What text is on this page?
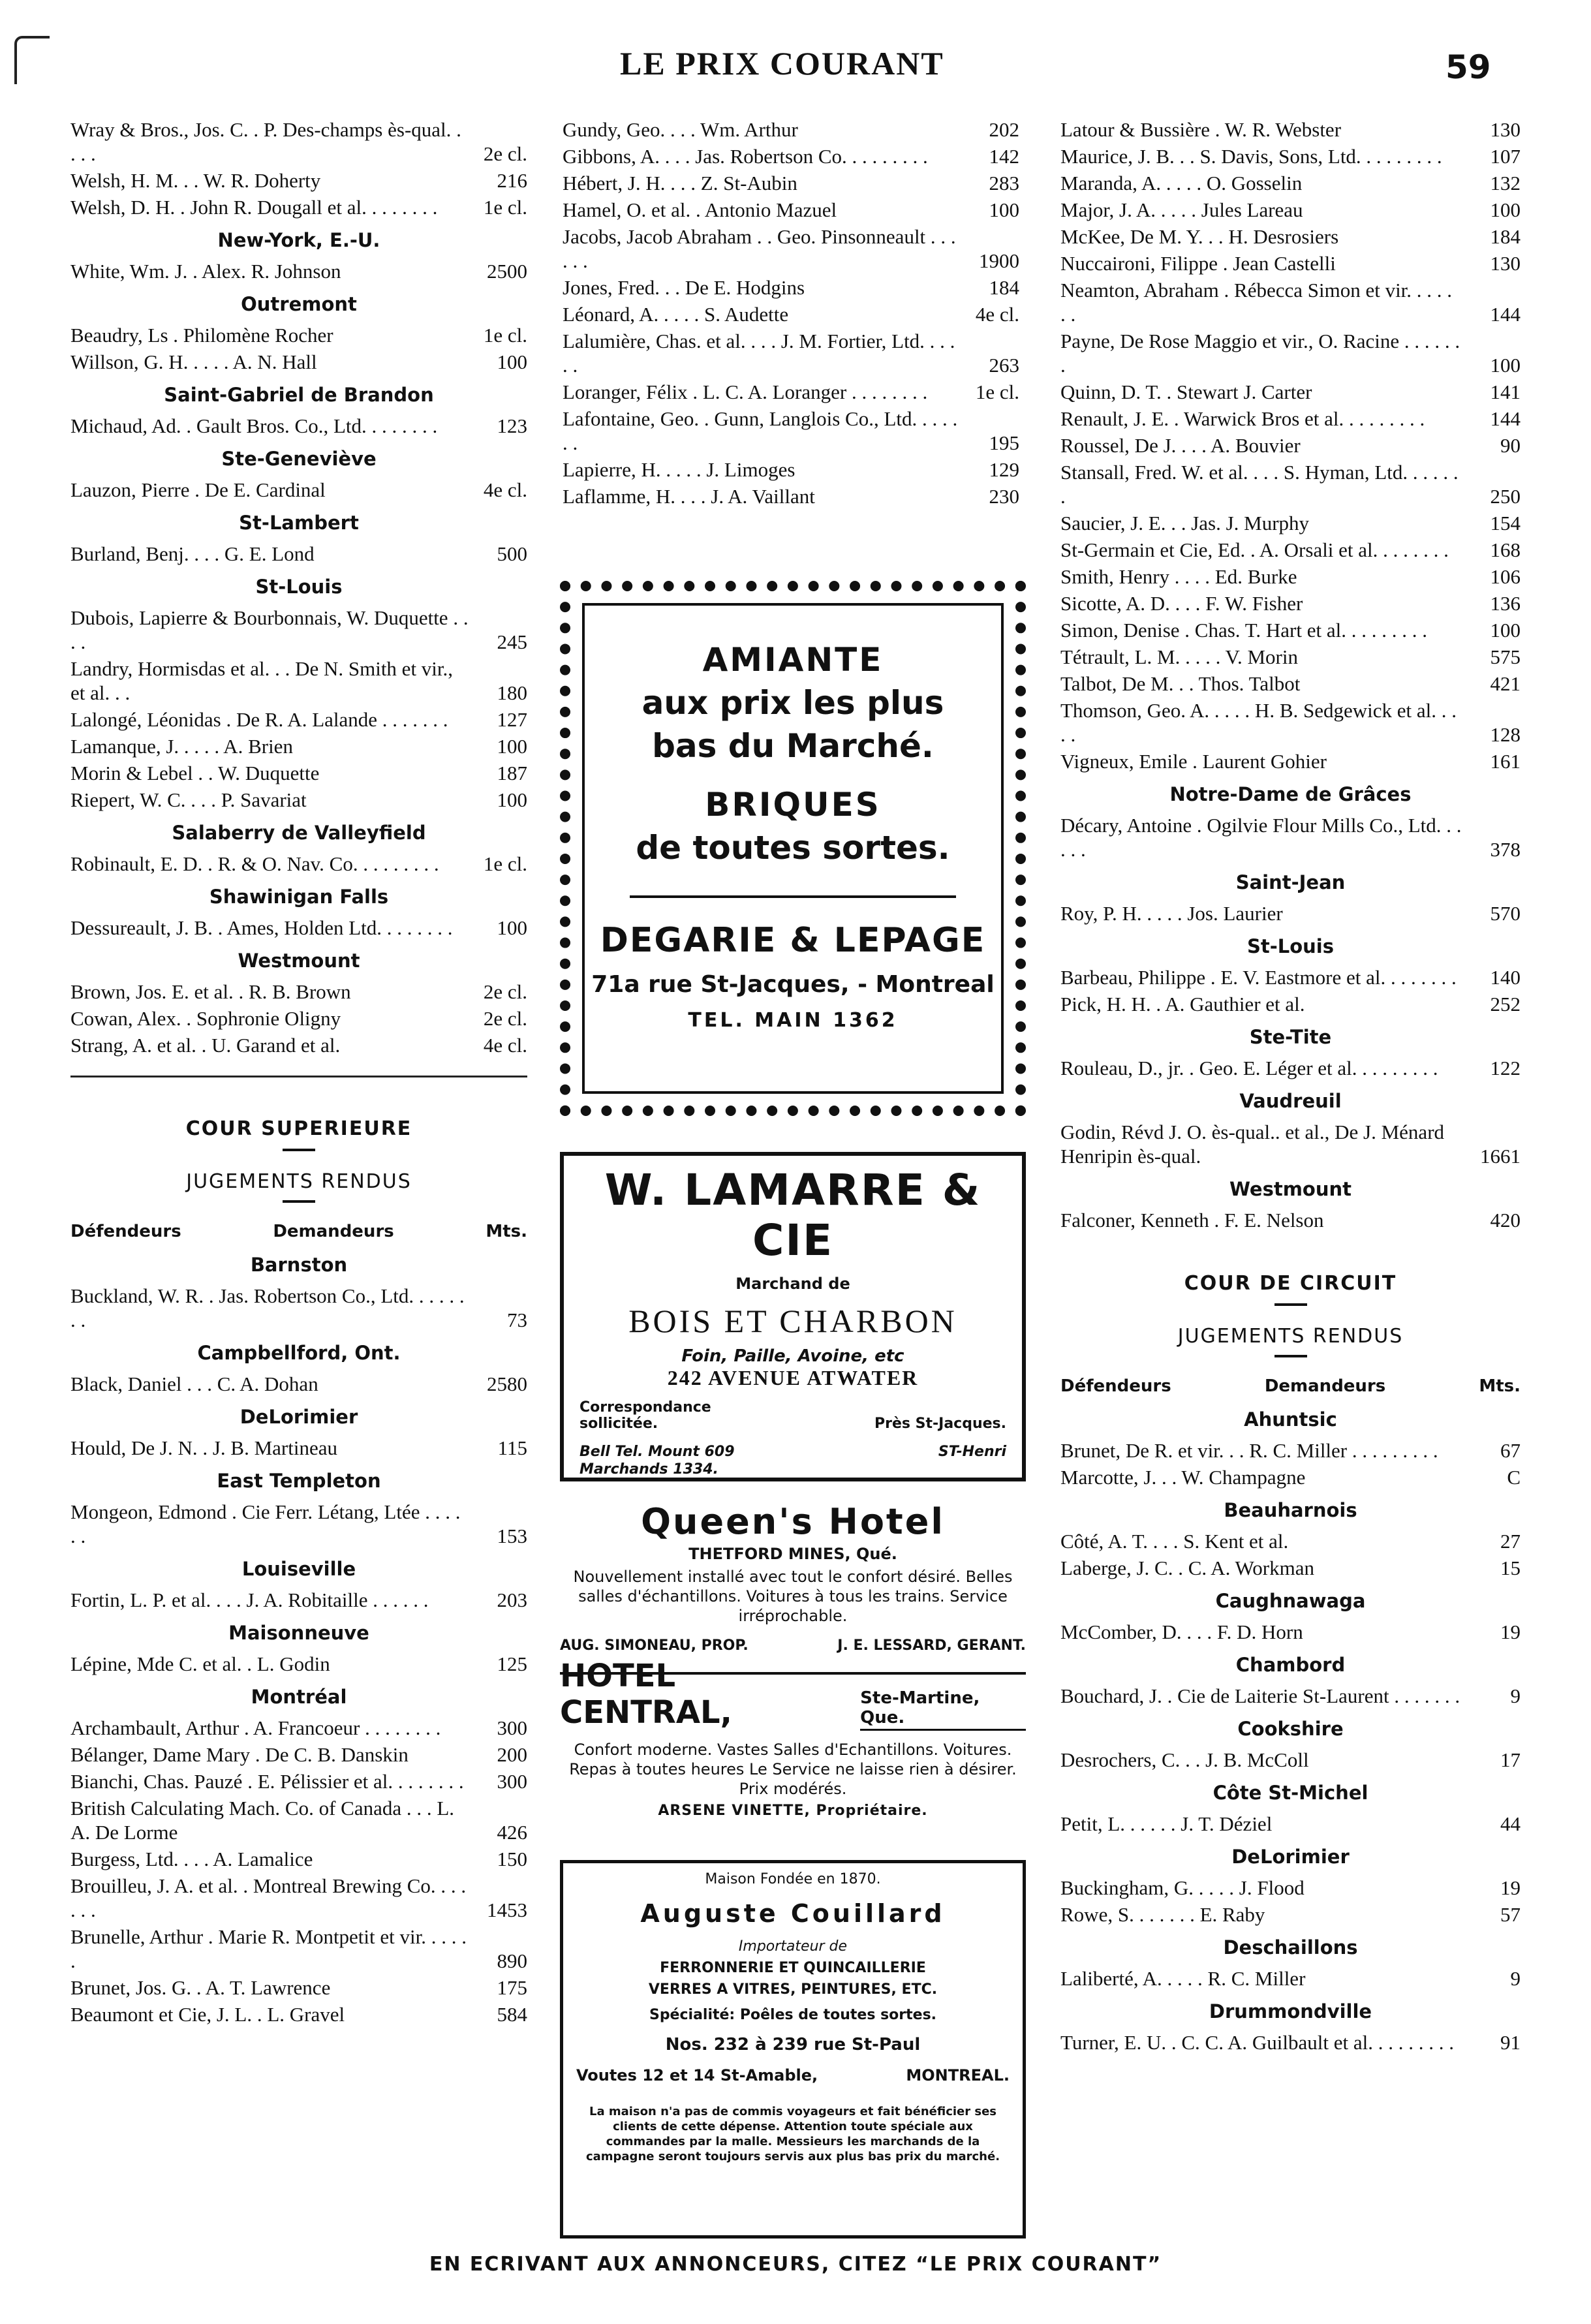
LE PRIX COURANT	59
Wray & Bros., Jos. C. . P. Des-champs ès-qual. . . . .	2e cl.
Welsh, H. M. . . W. R. Doherty	216
Welsh, D. H. . John R. Dougall et al. . . . . . . .	1e cl.
New-York, E.-U.
White, Wm. J. . Alex. R. Johnson	2500
Outremont
Beaudry, Ls . Philomène Rocher	1e cl.
Willson, G. H. . . . . A. N. Hall	100
Saint-Gabriel de Brandon
Michaud, Ad. . Gault Bros. Co., Ltd. . . . . . . .	123
Ste-Geneviève
Lauzon, Pierre . De E. Cardinal	4e cl.
St-Lambert
Burland, Benj. . . . G. E. Lond	500
St-Louis
Dubois, Lapierre & Bourbonnais, W. Duquette . . . .	245
Landry, Hormisdas et al. . . De N. Smith et vir., et al. . .	180
Lalongé, Léonidas . De R. A. Lalande . . . . . . .	127
Lamanque, J. . . . . A. Brien	100
Morin & Lebel . . W. Duquette	187
Riepert, W. C. . . . P. Savariat	100
Salaberry de Valleyfield
Robinault, E. D. . R. & O. Nav. Co. . . . . . . . .	1e cl.
Shawinigan Falls
Dessureault, J. B. . Ames, Holden Ltd. . . . . . . .	100
Westmount
Brown, Jos. E. et al. . R. B. Brown	2e cl.
Cowan, Alex. . Sophronie Oligny	2e cl.
Strang, A. et al. . U. Garand et al.	4e cl.
COUR SUPERIEURE
JUGEMENTS RENDUS
Défendeurs	Demandeurs	Mts.
Barnston
Buckland, W. R. . Jas. Robertson Co., Ltd. . . . . . . .	73
Campbellford, Ont.
Black, Daniel . . . C. A. Dohan	2580
DeLorimier
Hould, De J. N. . J. B. Martineau	115
East Templeton
Mongeon, Edmond . Cie Ferr. Létang, Ltée . . . . . .	153
Louiseville
Fortin, L. P. et al. . . . J. A. Robitaille . . . . . .	203
Maisonneuve
Lépine, Mde C. et al. . L. Godin	125
Montréal
Archambault, Arthur . A. Francoeur . . . . . . . .	300
Bélanger, Dame Mary . De C. B. Danskin	200
Bianchi, Chas. Pauzé . E. Pélissier et al. . . . . . . .	300
British Calculating Mach. Co. of Canada . . . L. A. De Lorme	426
Burgess, Ltd. . . . A. Lamalice	150
Brouilleu, J. A. et al. . Montreal Brewing Co. . . . . . .	1453
Brunelle, Arthur . Marie R. Montpetit et vir. . . . . .	890
Brunet, Jos. G. . A. T. Lawrence	175
Beaumont et Cie, J. L. . L. Gravel	584
Gundy, Geo. . . . Wm. Arthur	202
Gibbons, A. . . . Jas. Robertson Co. . . . . . . . .	142
Hébert, J. H. . . . Z. St-Aubin	283
Hamel, O. et al. . Antonio Mazuel	100
Jacobs, Jacob Abraham . . Geo. Pinsonneault . . . . . .	1900
Jones, Fred. . . De E. Hodgins	184
Léonard, A. . . . . S. Audette	4e cl.
Lalumière, Chas. et al. . . . J. M. Fortier, Ltd. . . . . .	263
Loranger, Félix . L. C. A. Loranger . . . . . . . .	1e cl.
Lafontaine, Geo. . Gunn, Langlois Co., Ltd. . . . . . .	195
Lapierre, H. . . . . J. Limoges	129
Laflamme, H. . . . J. A. Vaillant	230
Latour & Bussière . W. R. Webster	130
Maurice, J. B. . . S. Davis, Sons, Ltd. . . . . . . . .	107
Maranda, A. . . . . O. Gosselin	132
Major, J. A. . . . . Jules Lareau	100
McKee, De M. Y. . . H. Desrosiers	184
Nuccaironi, Filippe . Jean Castelli	130
Neamton, Abraham . Rébecca Simon et vir. . . . . . .	144
Payne, De Rose Maggio et vir., O. Racine . . . . . . .	100
Quinn, D. T. . Stewart J. Carter	141
Renault, J. E. . Warwick Bros et al. . . . . . . . .	144
Roussel, De J. . . . A. Bouvier	90
Stansall, Fred. W. et al. . . . S. Hyman, Ltd. . . . . . .	250
Saucier, J. E. . . Jas. J. Murphy	154
St-Germain et Cie, Ed. . A. Orsali et al. . . . . . . .	168
Smith, Henry . . . . Ed. Burke	106
Sicotte, A. D. . . . F. W. Fisher	136
Simon, Denise . Chas. T. Hart et al. . . . . . . . .	100
Tétrault, L. M. . . . . V. Morin	575
Talbot, De M. . . Thos. Talbot	421
Thomson, Geo. A. . . . . H. B. Sedgewick et al. . . . .	128
Vigneux, Emile . Laurent Gohier	161
Notre-Dame de Grâces
Décary, Antoine . Ogilvie Flour Mills Co., Ltd. . . . . .	378
Saint-Jean
Roy, P. H. . . . . Jos. Laurier	570
St-Louis
Barbeau, Philippe . E. V. Eastmore et al. . . . . . . .	140
Pick, H. H. . A. Gauthier et al.	252
Ste-Tite
Rouleau, D., jr. . Geo. E. Léger et al. . . . . . . . .	122
Vaudreuil
Godin, Révd J. O. ès-qual.. et al., De J. Ménard Henripin ès-qual.	1661
Westmount
Falconer, Kenneth . F. E. Nelson	420
COUR DE CIRCUIT
JUGEMENTS RENDUS
Défendeurs	Demandeurs	Mts.
Ahuntsic
Brunet, De R. et vir. . . R. C. Miller . . . . . . . . .	67
Marcotte, J. . . W. Champagne	C
Beauharnois
Côté, A. T. . . . S. Kent et al.	27
Laberge, J. C. . C. A. Workman	15
Caughnawaga
McComber, D. . . . F. D. Horn	19
Chambord
Bouchard, J. . Cie de Laiterie St-Laurent . . . . . . .	9
Cookshire
Desrochers, C. . . J. B. McColl	17
Côte St-Michel
Petit, L. . . . . . J. T. Déziel	44
DeLorimier
Buckingham, G. . . . . J. Flood	19
Rowe, S. . . . . . . E. Raby	57
Deschaillons
Laliberté, A. . . . . R. C. Miller	9
Drummondville
Turner, E. U. . C. C. A. Guilbault et al. . . . . . . . .	91
AMIANTE
aux prix les plus
bas du Marché.
BRIQUES
de toutes sortes.
DEGARIE & LEPAGE
71a rue St-Jacques, - Montreal
TEL. MAIN 1362
W. LAMARRE & CIE
Marchand de
BOIS ET CHARBON
Foin, Paille, Avoine, etc
242 AVENUE ATWATER
Correspondance sollicitée.	Près St-Jacques.
Bell Tel. Mount 609	ST-Henri
Marchands 1334.
Queen's Hotel
THETFORD MINES, Qué.
Nouvellement installé avec tout le confort désiré. Belles salles d'échantillons. Voitures à tous les trains. Service irréprochable.
AUG. SIMONEAU, PROP.	J. E. LESSARD, GERANT.
HOTEL CENTRAL,	Ste-Martine, Que.
Confort moderne. Vastes Salles d'Echantillons. Voitures. Repas à toutes heures Le Service ne laisse rien à désirer. Prix modérés.
ARSENE VINETTE, Propriétaire.
Maison Fondée en 1870.
Auguste Couillard
Importateur de
FERRONNERIE ET QUINCAILLERIE
VERRES A VITRES, PEINTURES, ETC.
Spécialité: Poêles de toutes sortes.
Nos. 232 à 239 rue St-Paul
Voutes 12 et 14 St-Amable,	MONTREAL.
La maison n'a pas de commis voyageurs et fait bénéficier ses clients de cette dépense. Attention toute spéciale aux commandes par la malle. Messieurs les marchands de la campagne seront toujours servis aux plus bas prix du marché.
EN ECRIVANT AUX ANNONCEURS, CITEZ “LE PRIX COURANT”
